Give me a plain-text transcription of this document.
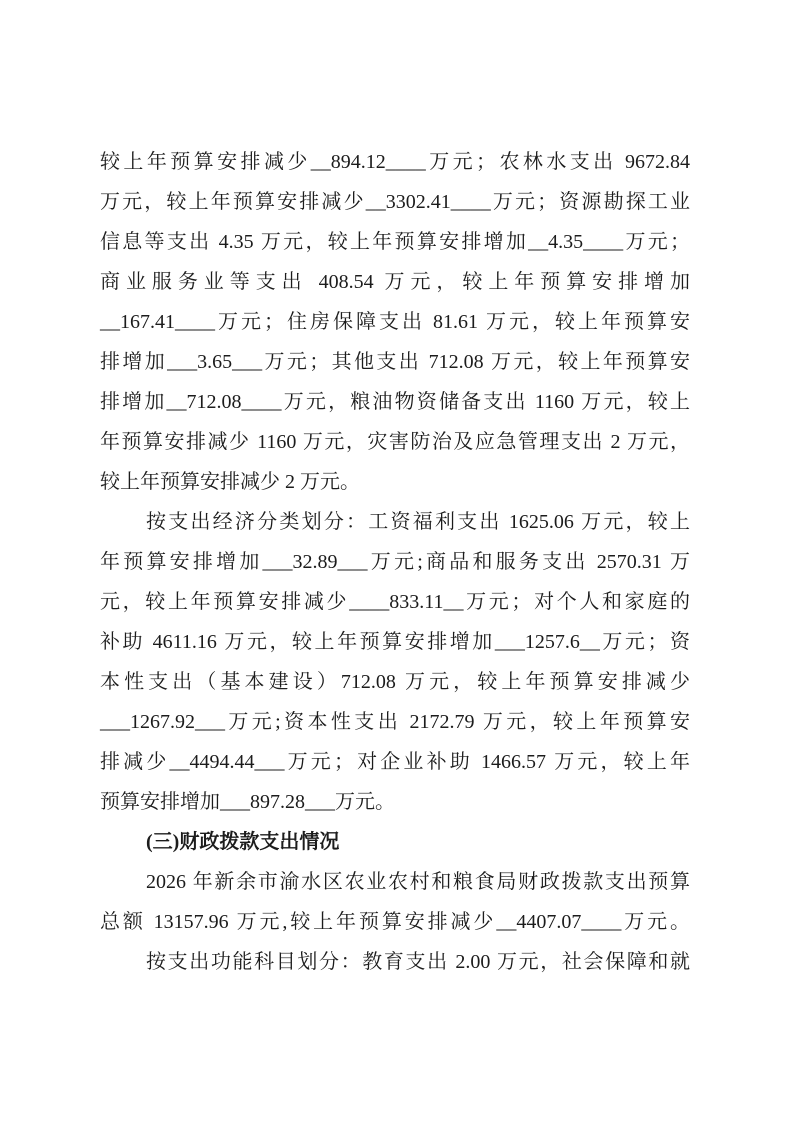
较上年预算安排减少__894.12____万元；农林水支出 9672.84
万元，较上年预算安排减少__3302.41____万元；资源勘探工业
信息等支出 4.35 万元，较上年预算安排增加__4.35____万元；
商业服务业等支出 408.54 万元，较上年预算安排增加
__167.41____万元；住房保障支出 81.61 万元，较上年预算安
排增加___3.65___万元；其他支出 712.08 万元，较上年预算安
排增加__712.08____万元，粮油物资储备支出 1160 万元，较上
年预算安排减少 1160 万元，灾害防治及应急管理支出 2 万元，
较上年预算安排减少 2 万元。
按支出经济分类划分：工资福利支出 1625.06 万元，较上
年预算安排增加___32.89___万元;商品和服务支出 2570.31 万
元，较上年预算安排减少____833.11__万元；对个人和家庭的
补助 4611.16 万元，较上年预算安排增加___1257.6__万元；资
本性支出（基本建设）712.08 万元，较上年预算安排减少
___1267.92___万元;资本性支出 2172.79 万元，较上年预算安
排减少__4494.44___万元；对企业补助 1466.57 万元，较上年
预算安排增加___897.28___万元。
(三)财政拨款支出情况
2026 年新余市渝水区农业农村和粮食局财政拨款支出预算
总额 13157.96 万元,较上年预算安排减少__4407.07____万元。
按支出功能科目划分：教育支出 2.00 万元，社会保障和就
